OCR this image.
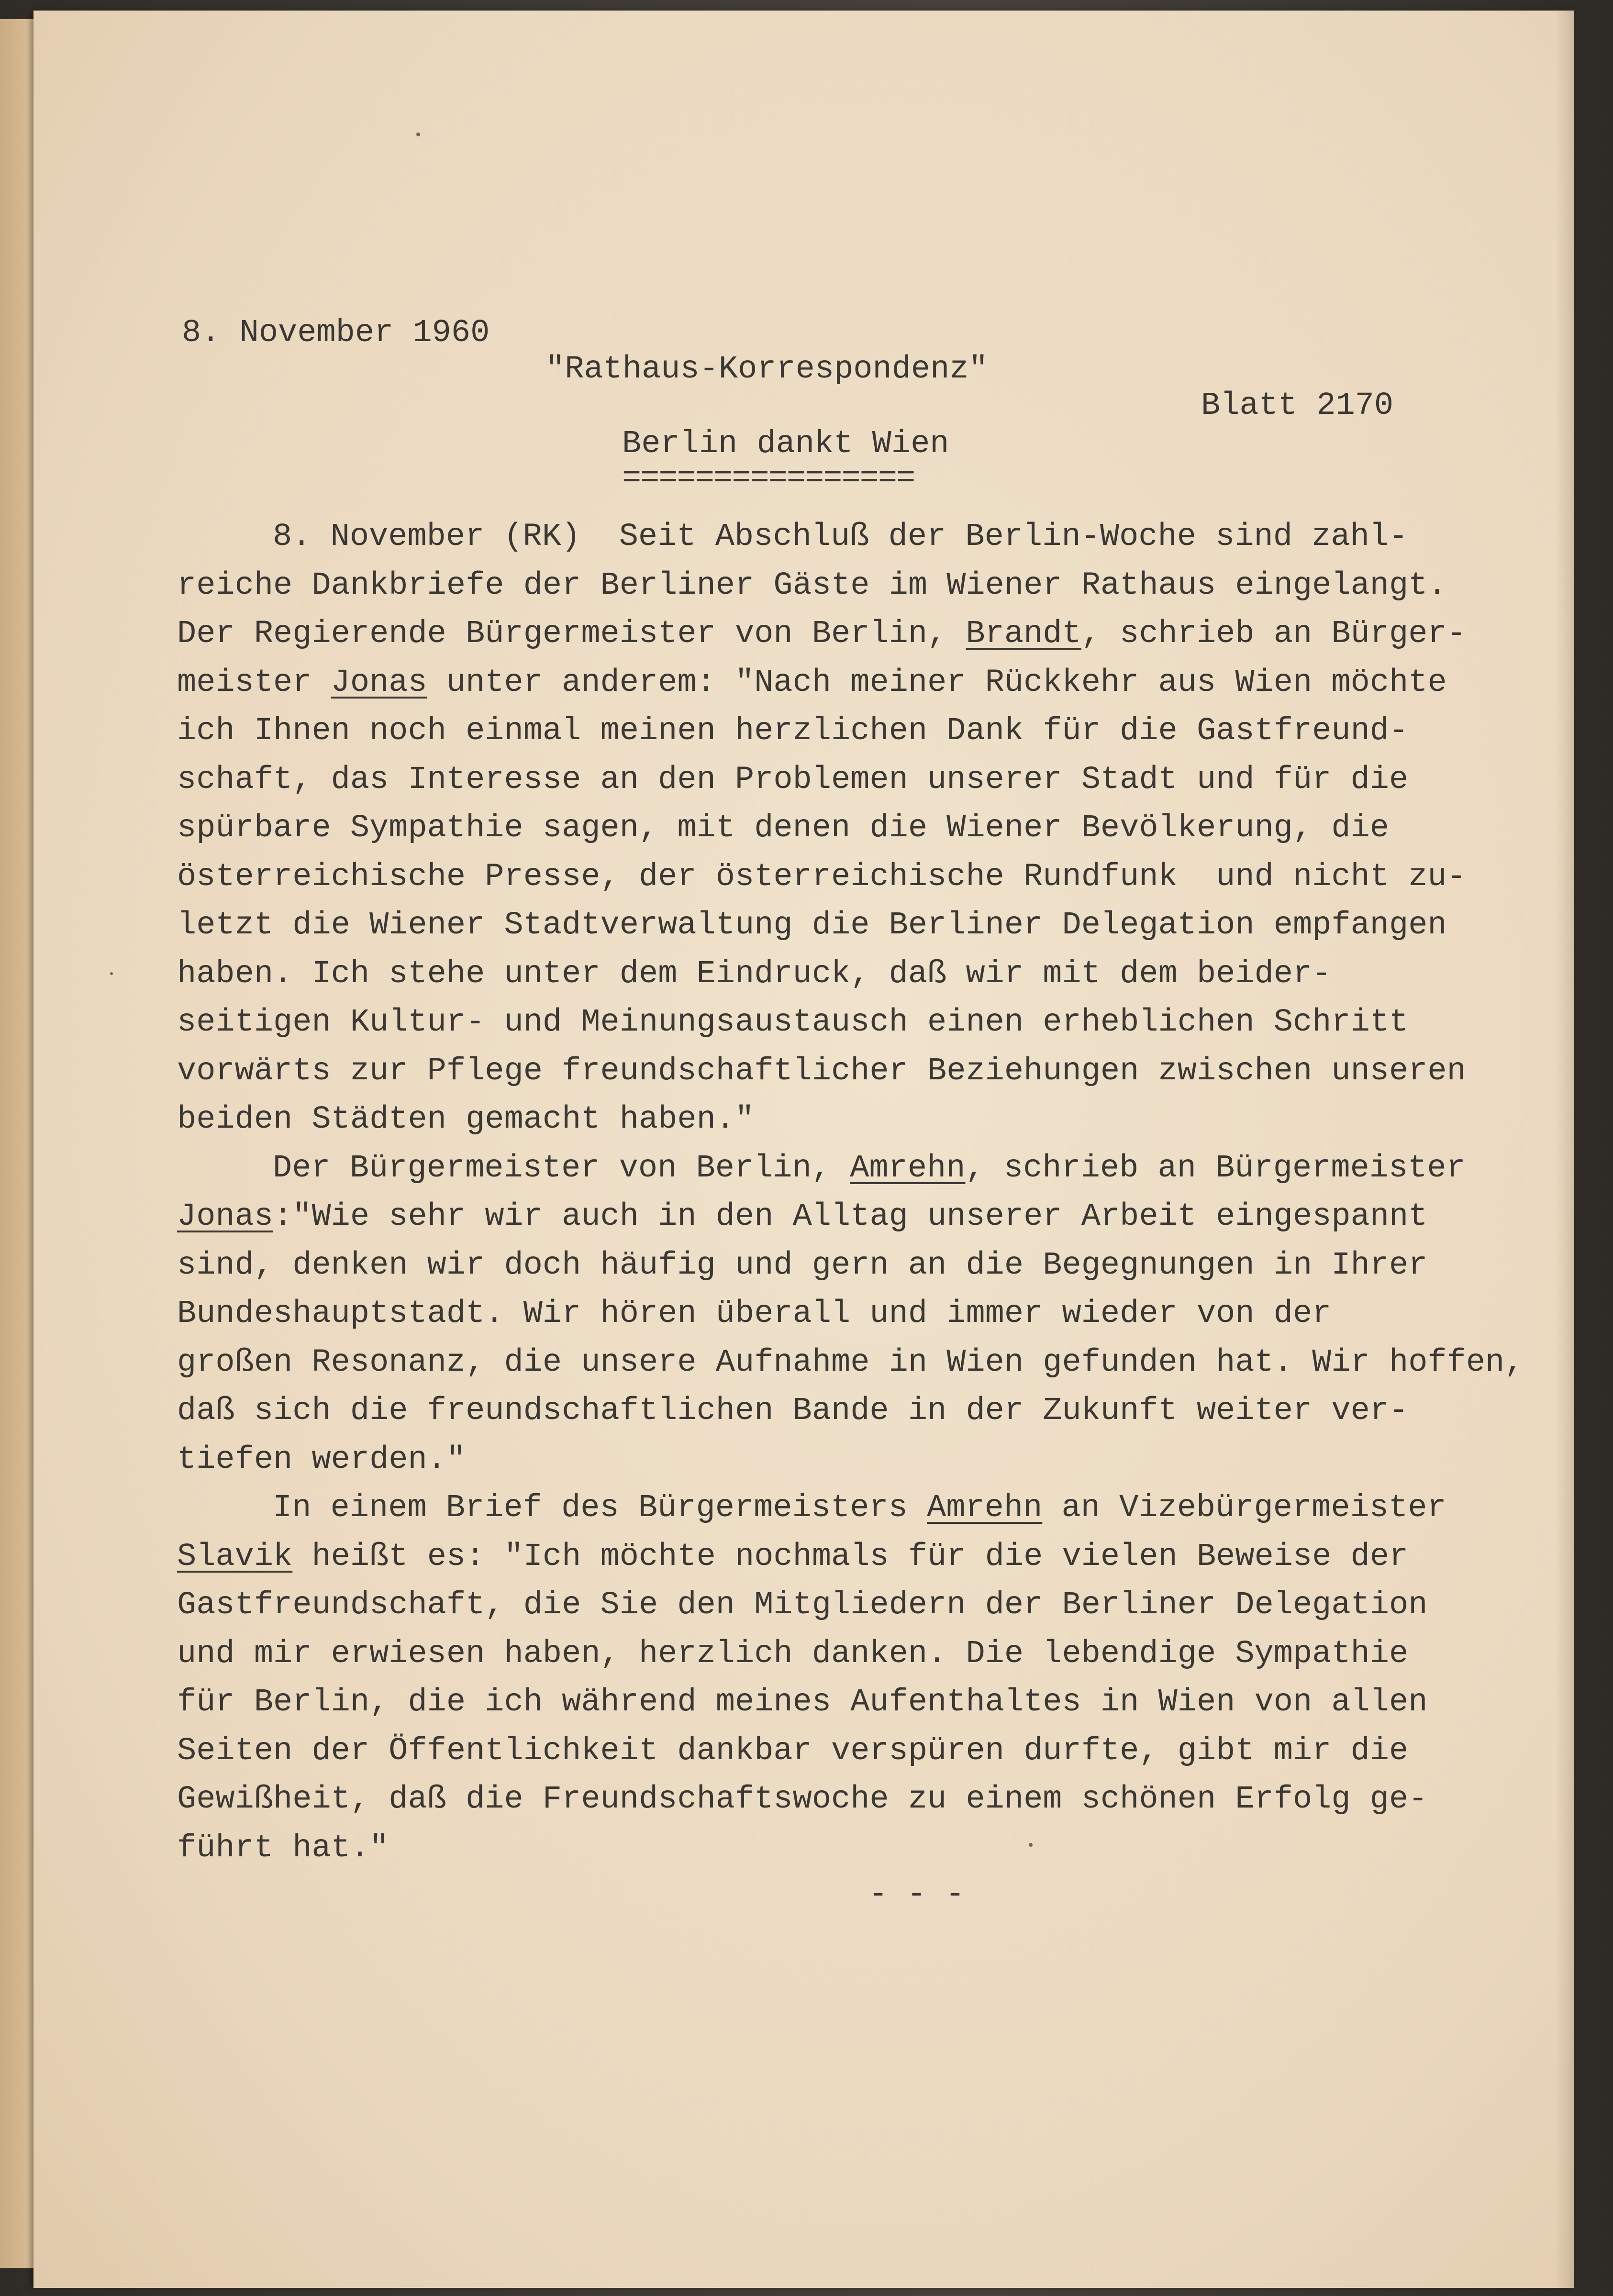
8. November 1960

"Rathaus-Korrespondenz"

Blatt 2170

Berlin dankt Wien
================
8. November (RK)  Seit Abschluß der Berlin-Woche sind zahl-
reiche Dankbriefe der Berliner Gäste im Wiener Rathaus eingelangt.
Der Regierende Bürgermeister von Berlin, Brandt, schrieb an Bürger-
meister Jonas unter anderem: "Nach meiner Rückkehr aus Wien möchte
ich Ihnen noch einmal meinen herzlichen Dank für die Gastfreund-
schaft, das Interesse an den Problemen unserer Stadt und für die
spürbare Sympathie sagen, mit denen die Wiener Bevölkerung, die
österreichische Presse, der österreichische Rundfunk  und nicht zu-
letzt die Wiener Stadtverwaltung die Berliner Delegation empfangen
haben. Ich stehe unter dem Eindruck, daß wir mit dem beider-
seitigen Kultur- und Meinungsaustausch einen erheblichen Schritt
vorwärts zur Pflege freundschaftlicher Beziehungen zwischen unseren
beiden Städten gemacht haben."
Der Bürgermeister von Berlin, Amrehn, schrieb an Bürgermeister
Jonas:"Wie sehr wir auch in den Alltag unserer Arbeit eingespannt
sind, denken wir doch häufig und gern an die Begegnungen in Ihrer
Bundeshauptstadt. Wir hören überall und immer wieder von der
großen Resonanz, die unsere Aufnahme in Wien gefunden hat. Wir hoffen,
daß sich die freundschaftlichen Bande in der Zukunft weiter ver-
tiefen werden."
In einem Brief des Bürgermeisters Amrehn an Vizebürgermeister
Slavik heißt es: "Ich möchte nochmals für die vielen Beweise der
Gastfreundschaft, die Sie den Mitgliedern der Berliner Delegation
und mir erwiesen haben, herzlich danken. Die lebendige Sympathie
für Berlin, die ich während meines Aufenthaltes in Wien von allen
Seiten der Öffentlichkeit dankbar verspüren durfte, gibt mir die
Gewißheit, daß die Freundschaftswoche zu einem schönen Erfolg ge-
führt hat."
- - -
